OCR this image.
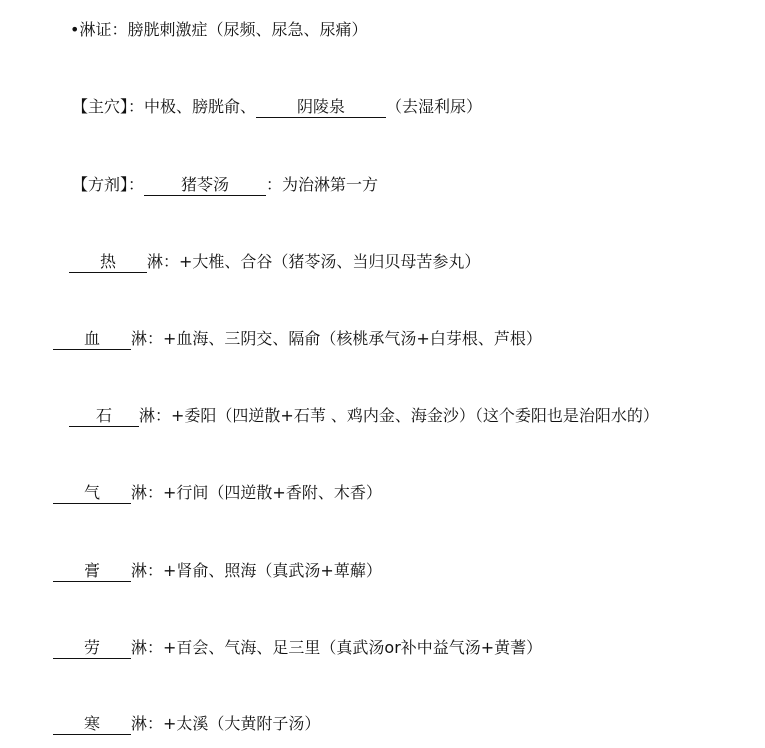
•淋证：膀胱刺激症（尿频、尿急、尿痛）
【主穴】：中极、膀胱俞、	阴陵泉	（去湿利尿）
【方剂】： 猪苓汤 ：为治淋第一方
热 淋：+大椎、合谷（猪苓汤、当归贝母苦参丸）
血 淋：+血海、三阴交、隔俞（核桃承气汤+白芽根、芦根）
石 淋：+委阳（四逆散+石苇 、鸡内金、海金沙）（这个委阳也是治阳水的）
气 淋：+行间（四逆散+香附、木香）
膏 淋：+肾俞、照海（真武汤+萆薢）
劳 淋：+百会、气海、足三里（真武汤or补中益气汤+黄蓍）
寒 淋：+太溪（大黄附子汤）
